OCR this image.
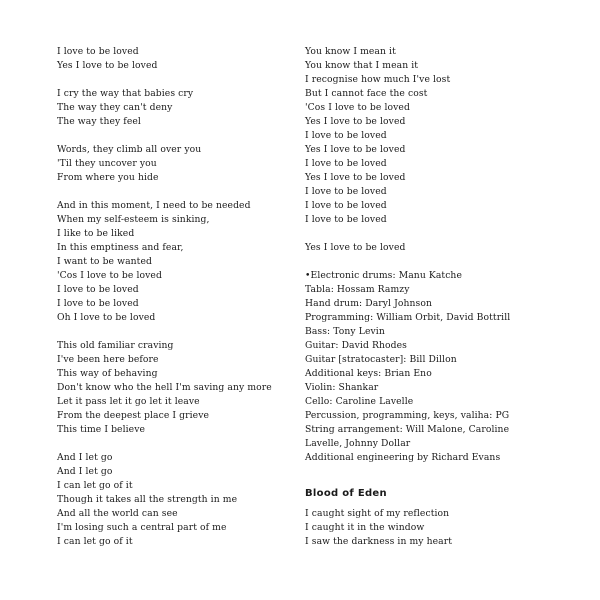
I love to be loved
Yes I love to be loved
I cry the way that babies cry
The way they can't deny
The way they feel
Words, they climb all over you
'Til they uncover you
From where you hide
And in this moment, I need to be needed
When my self-esteem is sinking,
I like to be liked
In this emptiness and fear,
I want to be wanted
'Cos I love to be loved
I love to be loved
I love to be loved
Oh I love to be loved
This old familiar craving
I've been here before
This way of behaving
Don't know who the hell I'm saving any more
Let it pass let it go let it leave
From the deepest place I grieve
This time I believe
And I let go
And I let go
I can let go of it
Though it takes all the strength in me
And all the world can see
I'm losing such a central part of me
I can let go of it
You know I mean it
You know that I mean it
I recognise how much I've lost
But I cannot face the cost
'Cos I love to be loved
Yes I love to be loved
I love to be loved
Yes I love to be loved
I love to be loved
Yes I love to be loved
I love to be loved
I love to be loved
I love to be loved
Yes I love to be loved
•Electronic drums: Manu Katche
Tabla: Hossam Ramzy
Hand drum: Daryl Johnson
Programming: William Orbit, David Bottrill
Bass: Tony Levin
Guitar: David Rhodes
Guitar [stratocaster]: Bill Dillon
Additional keys: Brian Eno
Violin: Shankar
Cello: Caroline Lavelle
Percussion, programming, keys, valiha: PG
String arrangement: Will Malone, Caroline
Lavelle, Johnny Dollar
Additional engineering by Richard Evans
Blood of Eden
I caught sight of my reflection
I caught it in the window
I saw the darkness in my heart
